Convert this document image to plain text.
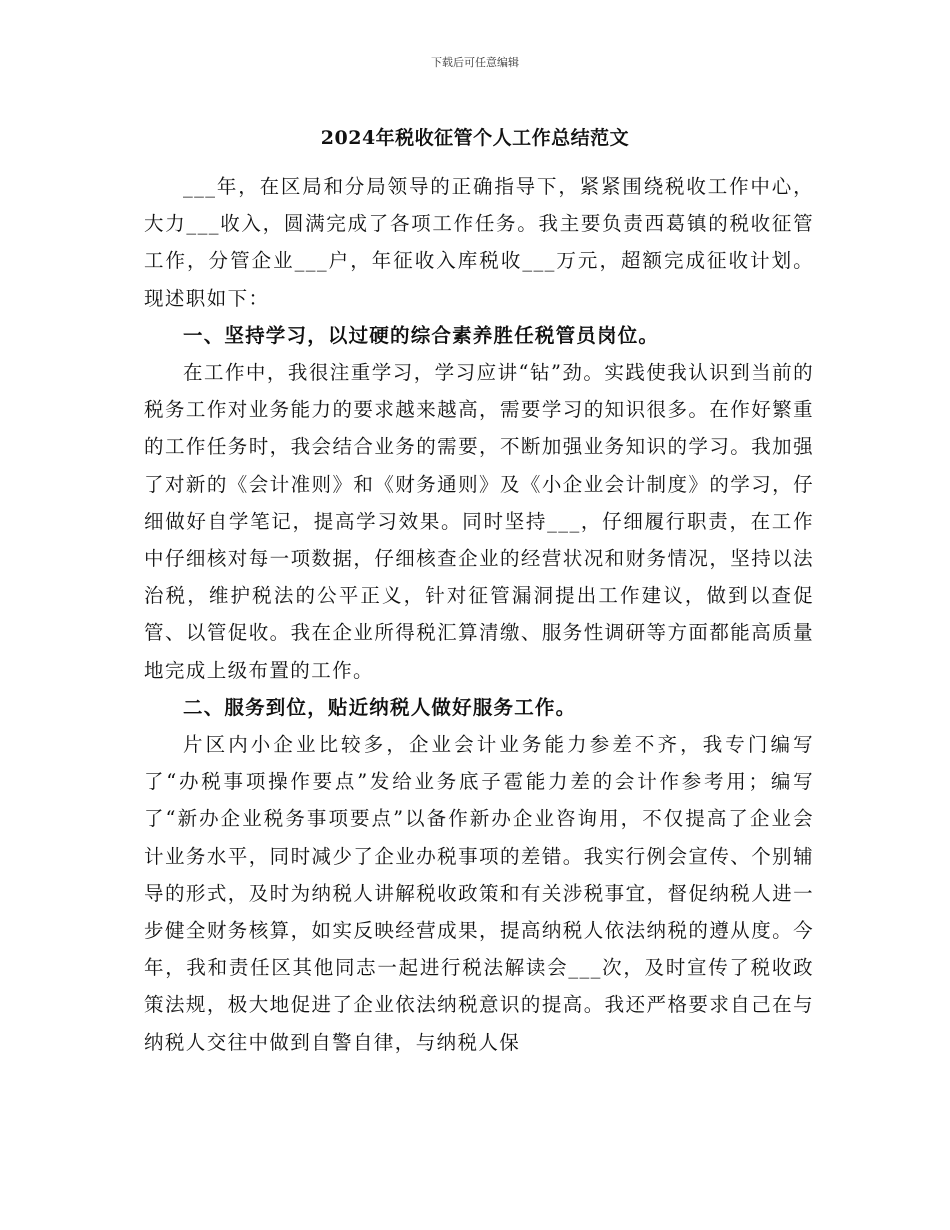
下载后可任意编辑
2024年税收征管个人工作总结范文

___年，在区局和分局领导的正确指导下，紧紧围绕税收工作中心，大力___收入，圆满完成了各项工作任务。我主要负责西葛镇的税收征管工作，分管企业___户，年征收入库税收___万元，超额完成征收计划。现述职如下：

一、坚持学习，以过硬的综合素养胜任税管员岗位。

在工作中，我很注重学习，学习应讲“钻”劲。实践使我认识到当前的税务工作对业务能力的要求越来越高，需要学习的知识很多。在作好繁重的工作任务时，我会结合业务的需要，不断加强业务知识的学习。我加强了对新的《会计准则》和《财务通则》及《小企业会计制度》的学习，仔细做好自学笔记，提高学习效果。同时坚持___，仔细履行职责，在工作中仔细核对每一项数据，仔细核查企业的经营状况和财务情况，坚持以法治税，维护税法的公平正义，针对征管漏洞提出工作建议，做到以查促管、以管促收。我在企业所得税汇算清缴、服务性调研等方面都能高质量地完成上级布置的工作。

二、服务到位，贴近纳税人做好服务工作。

片区内小企业比较多，企业会计业务能力参差不齐，我专门编写了“办税事项操作要点”发给业务底子雹能力差的会计作参考用；编写了“新办企业税务事项要点”以备作新办企业咨询用，不仅提高了企业会计业务水平，同时减少了企业办税事项的差错。我实行例会宣传、个别辅导的形式，及时为纳税人讲解税收政策和有关涉税事宜，督促纳税人进一步健全财务核算，如实反映经营成果，提高纳税人依法纳税的遵从度。今年，我和责任区其他同志一起进行税法解读会___次，及时宣传了税收政策法规，极大地促进了企业依法纳税意识的提高。我还严格要求自己在与纳税人交往中做到自警自律，与纳税人保
